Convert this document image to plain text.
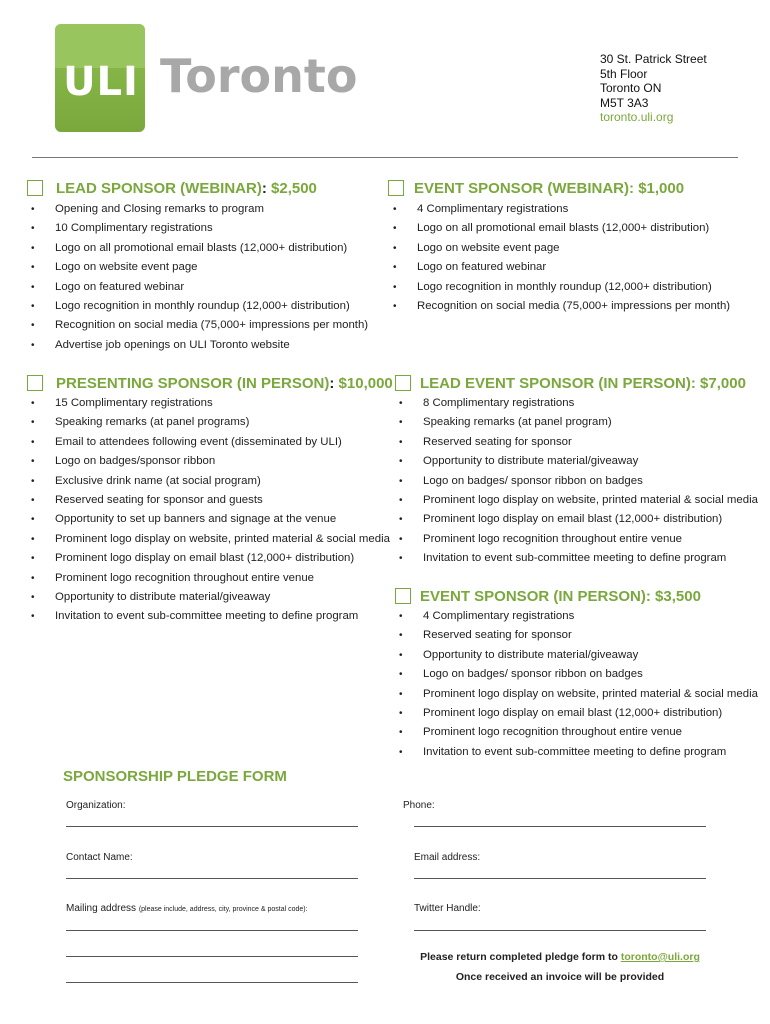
ULI Toronto	30 St. Patrick Street
5th Floor
Toronto ON
M5T 3A3
toronto.uli.org
LEAD SPONSOR (WEBINAR): $2,500
• Opening and Closing remarks to program
• 10 Complimentary registrations
• Logo on all promotional email blasts (12,000+ distribution)
• Logo on website event page
• Logo on featured webinar
• Logo recognition in monthly roundup (12,000+ distribution)
• Recognition on social media (75,000+ impressions per month)
• Advertise job openings on ULI Toronto website
EVENT SPONSOR (WEBINAR): $1,000
• 4 Complimentary registrations
• Logo on all promotional email blasts (12,000+ distribution)
• Logo on website event page
• Logo on featured webinar
• Logo recognition in monthly roundup (12,000+ distribution)
• Recognition on social media (75,000+ impressions per month)
PRESENTING SPONSOR (IN PERSON): $10,000
• 15 Complimentary registrations
• Speaking remarks (at panel programs)
• Email to attendees following event (disseminated by ULI)
• Logo on badges/sponsor ribbon
• Exclusive drink name (at social program)
• Reserved seating for sponsor and guests
• Opportunity to set up banners and signage at the venue
• Prominent logo display on website, printed material & social media
• Prominent logo display on email blast (12,000+ distribution)
• Prominent logo recognition throughout entire venue
• Opportunity to distribute material/giveaway
• Invitation to event sub-committee meeting to define program
LEAD EVENT SPONSOR (IN PERSON): $7,000
• 8 Complimentary registrations
• Speaking remarks (at panel program)
• Reserved seating for sponsor
• Opportunity to distribute material/giveaway
• Logo on badges/ sponsor ribbon on badges
• Prominent logo display on website, printed material & social media
• Prominent logo display on email blast (12,000+ distribution)
• Prominent logo recognition throughout entire venue
• Invitation to event sub-committee meeting to define program
EVENT SPONSOR (IN PERSON): $3,500
• 4 Complimentary registrations
• Reserved seating for sponsor
• Opportunity to distribute material/giveaway
• Logo on badges/ sponsor ribbon on badges
• Prominent logo display on website, printed material & social media
• Prominent logo display on email blast (12,000+ distribution)
• Prominent logo recognition throughout entire venue
• Invitation to event sub-committee meeting to define program
SPONSORSHIP PLEDGE FORM
Organization:	Phone:
Contact Name:	Email address:
Mailing address (please include, address, city, province & postal code):	Twitter Handle:
Please return completed pledge form to toronto@uli.org
Once received an invoice will be provided
